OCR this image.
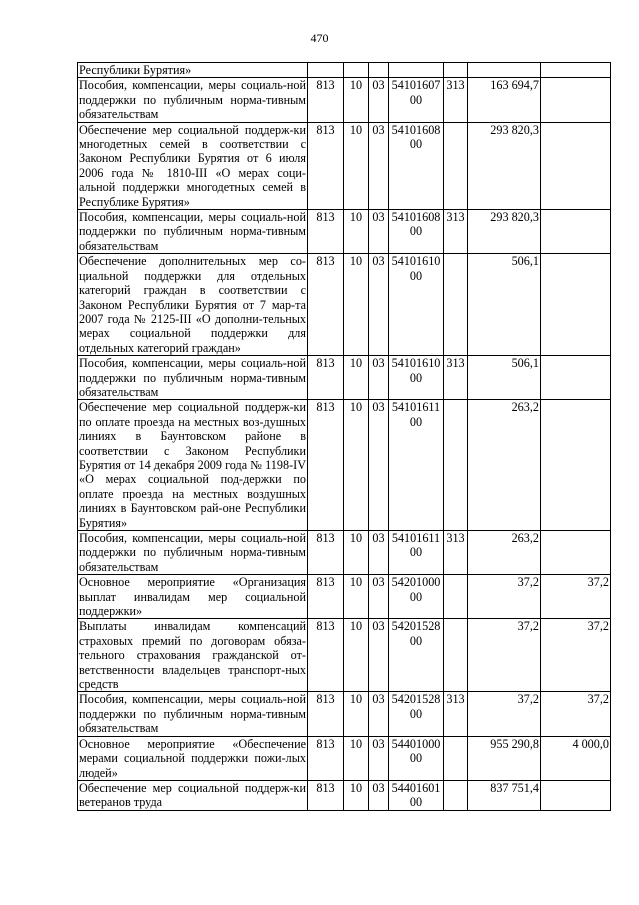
470
Республики Бурятия»							
Пособия, компенсации, меры социаль-ной поддержки по публичным норма-тивным обязательствам	813	10	03	5410160700	313	163 694,7	
Обеспечение мер социальной поддерж-ки многодетных семей в соответствии с Законом Республики Бурятия от 6 июля 2006 года № 1810-III «О мерах соци-альной поддержки многодетных семей в Республике Бурятия»	813	10	03	5410160800		293 820,3	
Пособия, компенсации, меры социаль-ной поддержки по публичным норма-тивным обязательствам	813	10	03	5410160800	313	293 820,3	
Обеспечение дополнительных мер со-циальной поддержки для отдельных категорий граждан в соответствии с Законом Республики Бурятия от 7 мар-та 2007 года № 2125-III «О дополни-тельных мерах социальной поддержки для отдельных категорий граждан»	813	10	03	5410161000		506,1	
Пособия, компенсации, меры социаль-ной поддержки по публичным норма-тивным обязательствам	813	10	03	5410161000	313	506,1	
Обеспечение мер социальной поддерж-ки по оплате проезда на местных воз-душных линиях в Баунтовском районе в соответствии с Законом Республики Бурятия от 14 декабря 2009 года № 1198-IV «О мерах социальной под-держки по оплате проезда на местных воздушных линиях в Баунтовском рай-оне Республики Бурятия»	813	10	03	5410161100		263,2	
Пособия, компенсации, меры социаль-ной поддержки по публичным норма-тивным обязательствам	813	10	03	5410161100	313	263,2	
Основное мероприятие «Организация выплат инвалидам мер социальной поддержки»	813	10	03	5420100000		37,2	37,2
Выплаты инвалидам компенсаций страховых премий по договорам обяза-тельного страхования гражданской от-ветственности владельцев транспорт-ных средств	813	10	03	5420152800		37,2	37,2
Пособия, компенсации, меры социаль-ной поддержки по публичным норма-тивным обязательствам	813	10	03	5420152800	313	37,2	37,2
Основное мероприятие «Обеспечение мерами социальной поддержки пожи-лых людей»	813	10	03	5440100000		955 290,8	4 000,0
Обеспечение мер социальной поддерж-ки ветеранов труда	813	10	03	5440160100		837 751,4	
